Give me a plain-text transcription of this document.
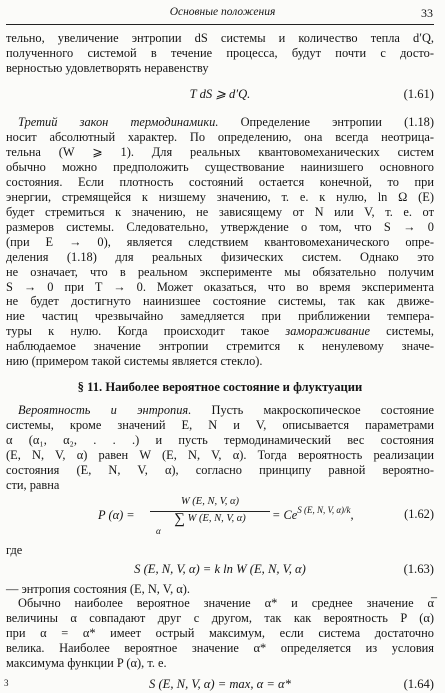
Основные положения	33
тельно, увеличение энтропии dS системы и количество тепла d′Q,
полученного системой в течение процесса, будут почти с досто-
верностью удовлетворять неравенству
T dS ⩾ d′Q.	(1.61)
Третий закон термодинамики. Определение энтропии (1.18)
носит абсолютный характер. По определению, она всегда неотрица-
тельна (W ⩾ 1). Для реальных квантовомеханических систем
обычно можно предположить существование наинизшего основного
состояния. Если плотность состояний остается конечной, то при
энергии, стремящейся к низшему значению, т. е. к нулю, ln Ω (E)
будет стремиться к значению, не зависящему от N или V, т. е. от
размеров системы. Следовательно, утверждение о том, что S → 0
(при E → 0), является следствием квантовомеханического опре-
деления (1.18) для реальных физических систем. Однако это
не означает, что в реальном эксперименте мы обязательно получим
S → 0 при T → 0. Может оказаться, что во время эксперимента
не будет достигнуто наинизшее состояние системы, так как движе-
ние частиц чрезвычайно замедляется при приближении темпера-
туры к нулю. Когда происходит такое замораживание системы,
наблюдаемое значение энтропии стремится к ненулевому значе-
нию (примером такой системы является стекло).
§ 11. Наиболее вероятное состояние и флуктуации
Вероятность и энтропия. Пусть макроскопическое состояние
системы, кроме значений E, N и V, описывается параметрами
α (α₁, α₂, . . .) и пусть термодинамический вес состояния
(E, N, V, α) равен W (E, N, V, α). Тогда вероятность реализации
состояния (E, N, V, α), согласно принципу равной вероятно-
сти, равна
P (α) =
W (E, N, V, α)
∑ W (E, N, V, α)
α
= $Ce^{S (E, N, V, \alpha)/k}$,	(1.62)
где
S (E, N, V, α) = k ln W (E, N, V, α)	(1.63)
— энтропия состояния (E, N, V, α).
Обычно наиболее вероятное значение α* и среднее значение α̅
величины α совпадают друг с другом, так как вероятность P (α)
при α = α* имеет острый максимум, если система достаточно
велика. Наиболее вероятное значение α* определяется из условия
максимума функции P (α), т. е.
S (E, N, V, α) = max, α = α*	(1.64)
3
